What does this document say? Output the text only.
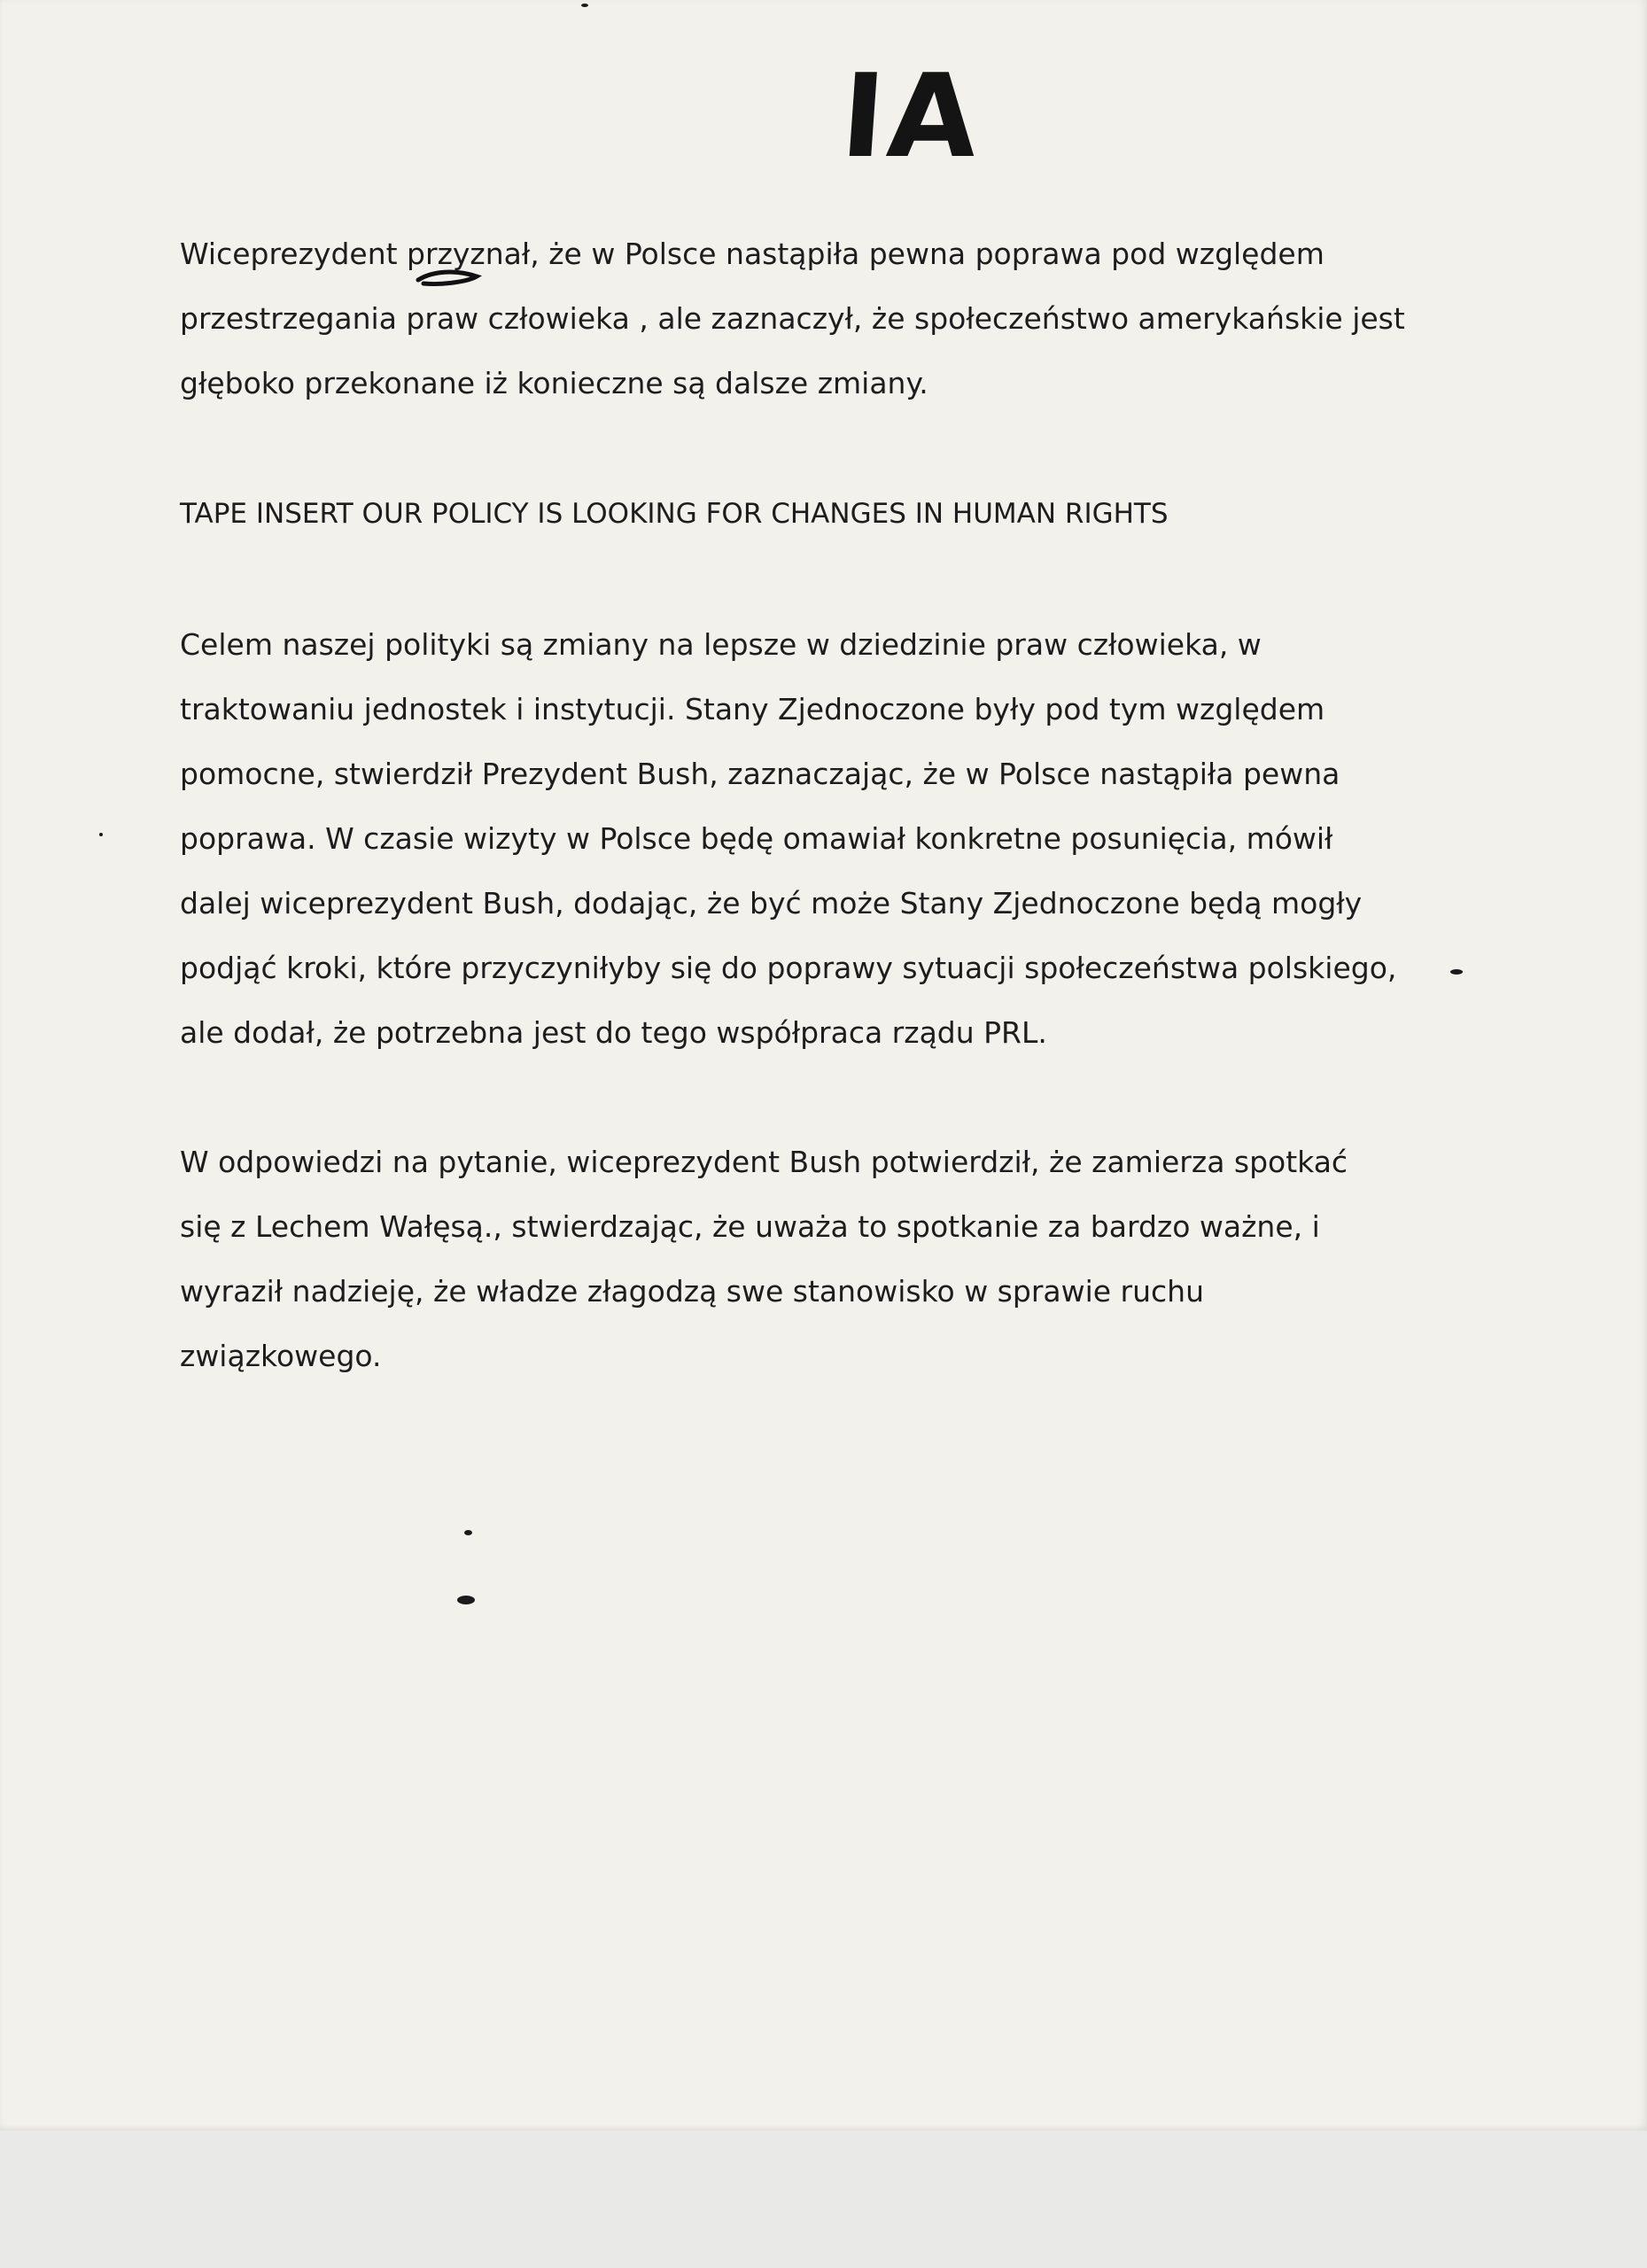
IA
Wiceprezydent przyznał, że w Polsce nastąpiła pewna poprawa pod względem
przestrzegania praw człowieka , ale zaznaczył, że społeczeństwo amerykańskie jest
głęboko przekonane iż konieczne są dalsze zmiany.
TAPE INSERT OUR POLICY IS LOOKING FOR CHANGES IN HUMAN RIGHTS
Celem naszej polityki są zmiany na lepsze w dziedzinie praw człowieka, w
traktowaniu jednostek i instytucji. Stany Zjednoczone były pod tym względem
pomocne, stwierdził Prezydent Bush, zaznaczając, że w Polsce nastąpiła pewna
poprawa. W czasie wizyty w Polsce będę omawiał konkretne posunięcia, mówił
dalej wiceprezydent Bush, dodając, że być może Stany Zjednoczone będą mogły
podjąć kroki, które przyczyniłyby się do poprawy sytuacji społeczeństwa polskiego,
ale dodał, że potrzebna jest do tego współpraca rządu PRL.
W odpowiedzi na pytanie, wiceprezydent Bush potwierdził, że zamierza spotkać
się z Lechem Wałęsą., stwierdzając, że uważa to spotkanie za bardzo ważne, i
wyraził nadzieję, że władze złagodzą swe stanowisko w sprawie ruchu
związkowego.
